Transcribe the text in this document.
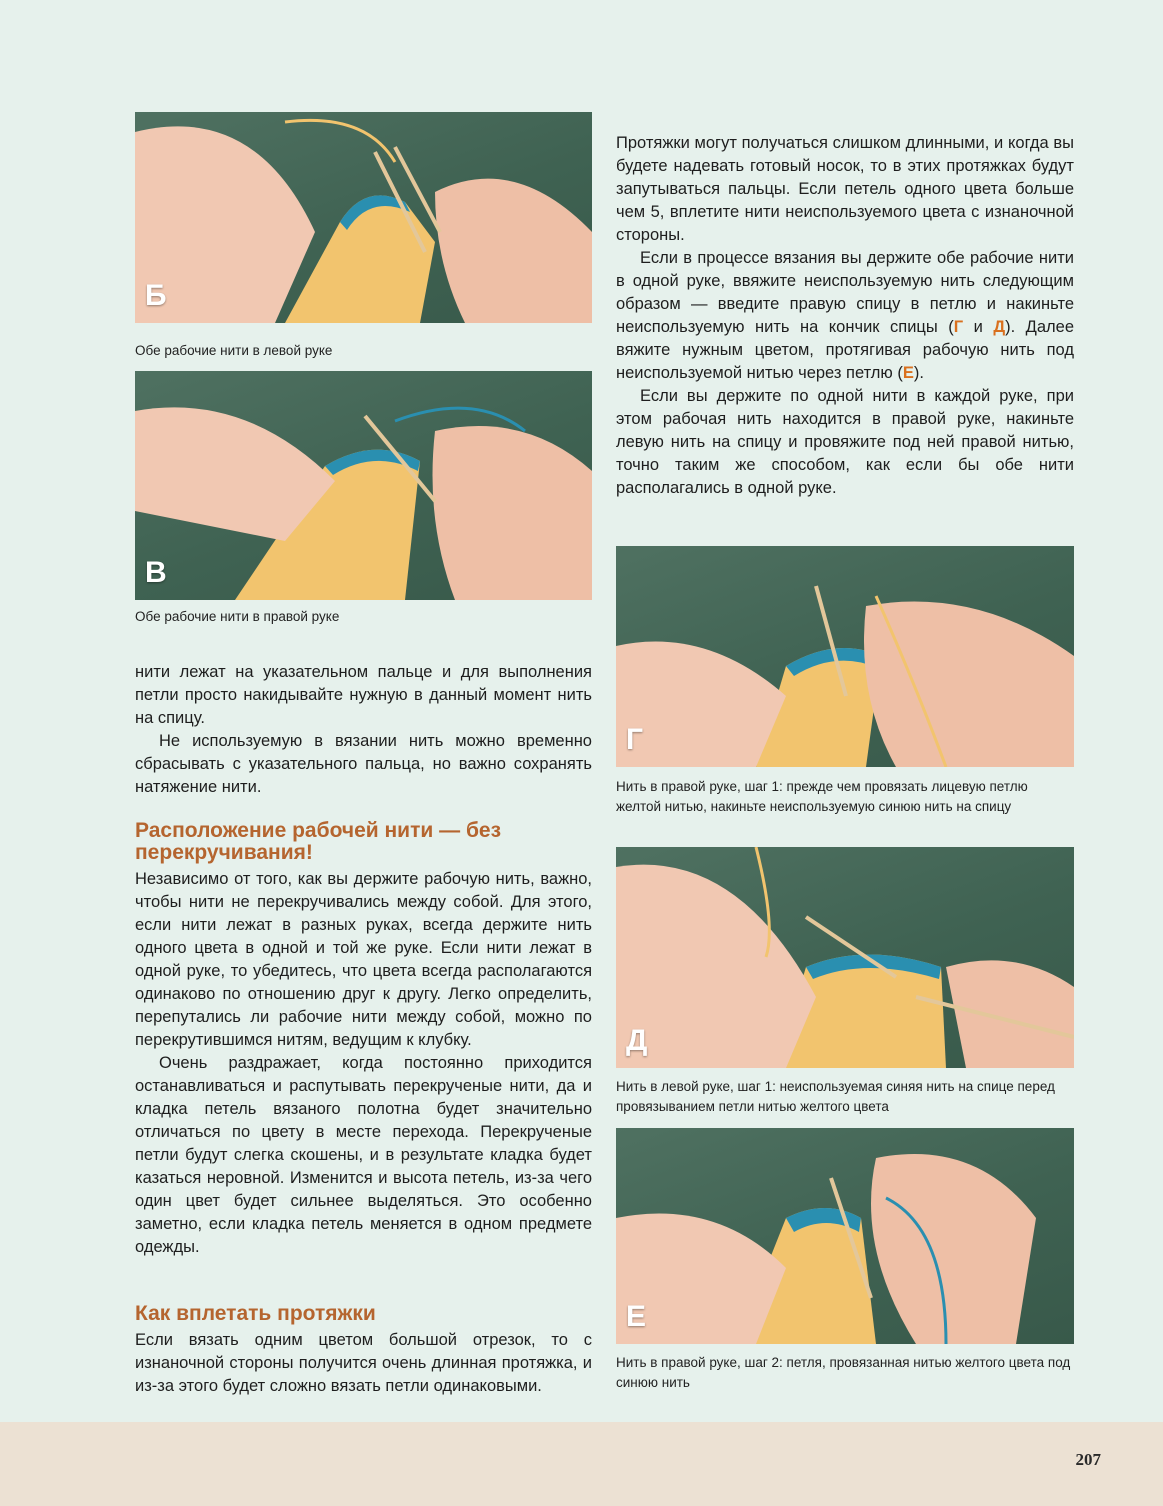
207
Б
Обе рабочие нити в левой руке
В
Обе рабочие нити в правой руке

нити лежат на указательном пальце и для выполнения петли просто накидывайте нужную в данный момент нить на спицу.

Не используемую в вязании нить можно временно сбрасывать с указательного пальца, но важно сохранять натяжение нити.

Расположение рабочей нити — без перекручивания!

Независимо от того, как вы держите рабочую нить, важно, чтобы нити не перекручивались между собой. Для этого, если нити лежат в разных руках, всегда держите нить одного цвета в одной и той же руке. Если нити лежат в одной руке, то убедитесь, что цвета всегда располагаются одинаково по отношению друг к другу. Легко определить, перепутались ли рабочие нити между собой, можно по перекрутившимся нитям, ведущим к клубку.

Очень раздражает, когда постоянно приходится останавливаться и распутывать перекрученые нити, да и кладка петель вязаного полотна будет значительно отличаться по цвету в месте перехода. Перекрученые петли будут слегка скошены, и в результате кладка будет казаться неровной. Изменится и высота петель, из-за чего один цвет будет сильнее выделяться. Это особенно заметно, если кладка петель меняется в одном предмете одежды.

Как вплетать протяжки

Если вязать одним цветом большой отрезок, то с изнаночной стороны получится очень длинная протяжка, и из-за этого будет сложно вязать петли одинаковыми.

Протяжки могут получаться слишком длинными, и когда вы будете надевать готовый носок, то в этих протяжках будут запутываться пальцы. Если петель одного цвета больше чем 5, вплетите нити неиспользуемого цвета с изнаночной стороны.

Если в процессе вязания вы держите обе рабочие нити в одной руке, ввяжите неиспользуемую нить следующим образом — введите правую спицу в петлю и накиньте неиспользуемую нить на кончик спицы (Г и Д). Далее вяжите нужным цветом, протягивая рабочую нить под неиспользуемой нитью через петлю (Е).

Если вы держите по одной нити в каждой руке, при этом рабочая нить находится в правой руке, накиньте левую нить на спицу и провяжите под ней правой нитью, точно таким же способом, как если бы обе нити располагались в одной руке.

Г
Нить в правой руке, шаг 1: прежде чем провязать лицевую петлю желтой нитью, накиньте неиспользуемую синюю нить на спицу
Д
Нить в левой руке, шаг 1: неиспользуемая синяя нить на спице перед провязыванием петли нитью желтого цвета
Е
Нить в правой руке, шаг 2: петля, провязанная нитью желтого цвета под синюю нить
